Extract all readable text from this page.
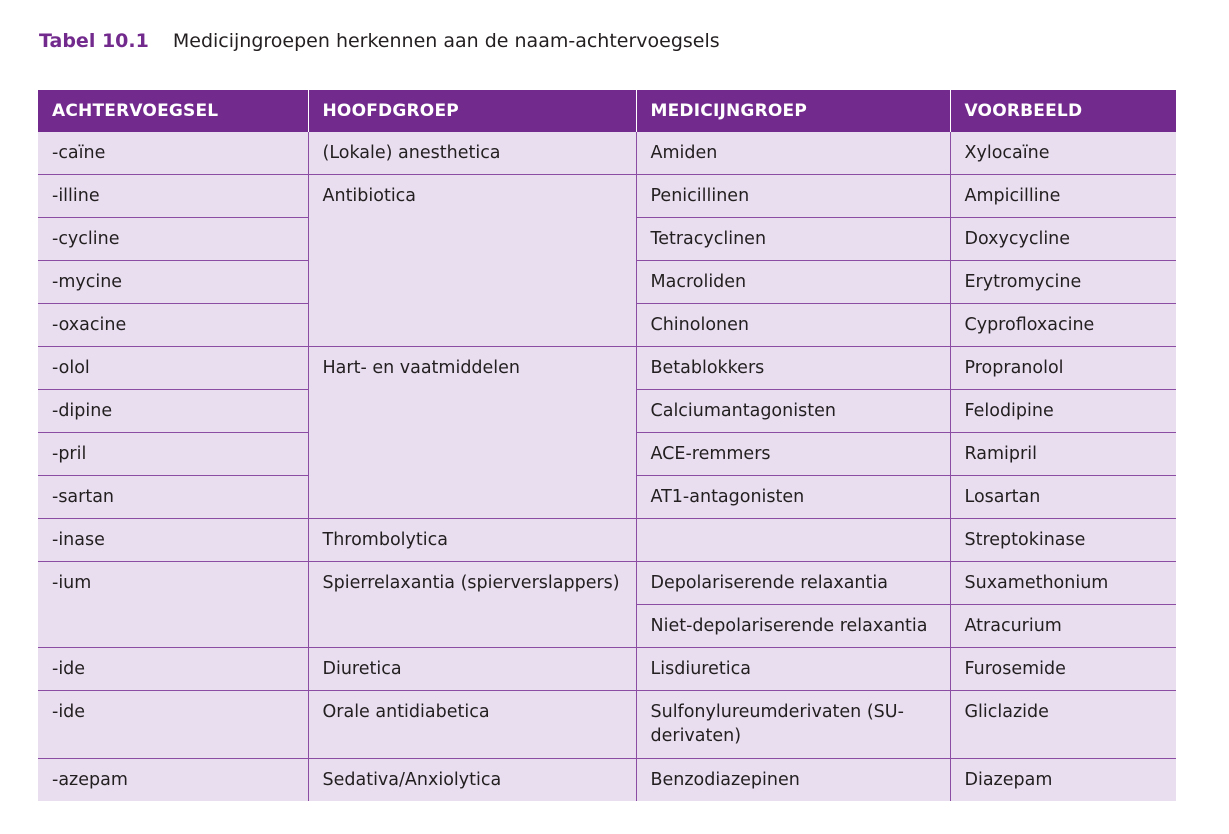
Tabel 10.1 Medicijngroepen herkennen aan de naam-achtervoegsels
ACHTERVOEGSEL	HOOFDGROEP	MEDICIJNGROEP	VOORBEELD
-caïne	(Lokale) anesthetica	Amiden	Xylocaïne
-illine	Antibiotica	Penicillinen	Ampicilline
-cycline		Tetracyclinen	Doxycycline
-mycine		Macroliden	Erytromycine
-oxacine		Chinolonen	Cyprofloxacine
-olol	Hart- en vaatmiddelen	Betablokkers	Propranolol
-dipine		Calciumantagonisten	Felodipine
-pril		ACE-remmers	Ramipril
-sartan		AT1-antagonisten	Losartan
-inase	Thrombolytica		Streptokinase
-ium	Spierrelaxantia (spierverslappers)	Depolariserende relaxantia	Suxamethonium
		Niet-depolariserende relaxantia	Atracurium
-ide	Diuretica	Lisdiuretica	Furosemide
-ide	Orale antidiabetica	Sulfonylureumderivaten (SU-derivaten)	Gliclazide
-azepam	Sedativa/Anxiolytica	Benzodiazepinen	Diazepam
